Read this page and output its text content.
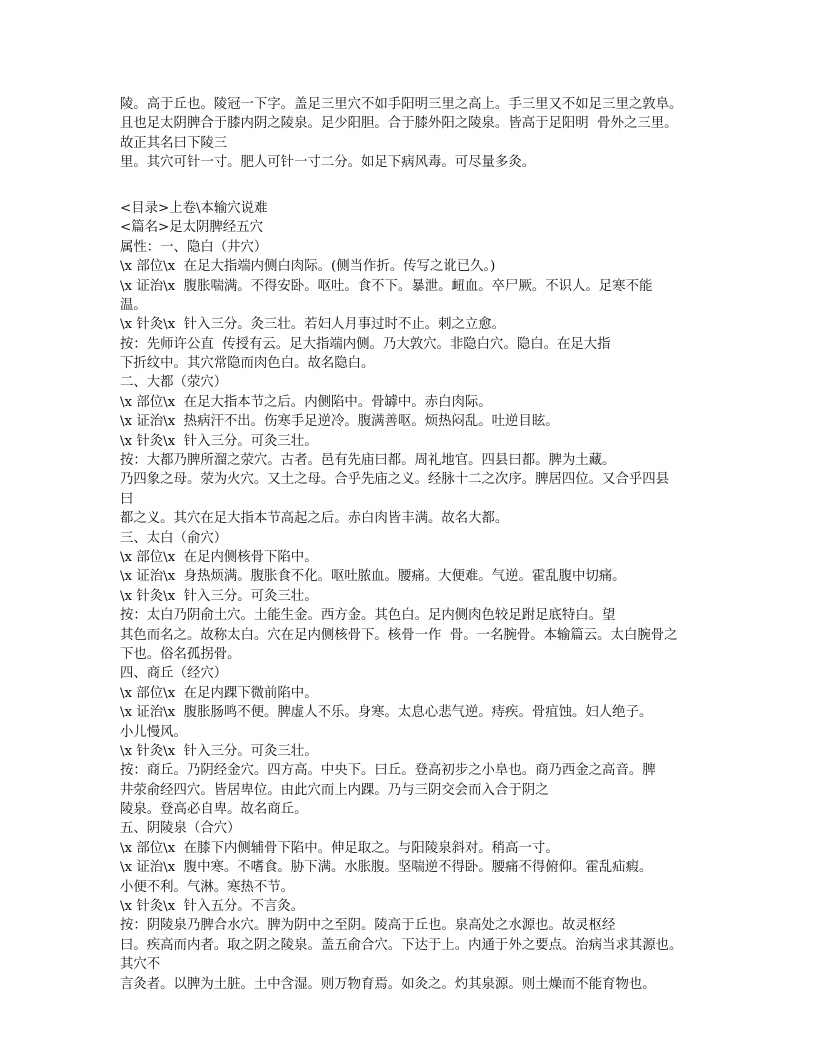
陵。高于丘也。陵冠一下字。盖足三里穴不如手阳明三里之高上。手三里又不如足三里之敦阜。
且也足太阴脾合于膝内阴之陵泉。足少阳胆。合于膝外阳之陵泉。皆高于足阳明  骨外之三里。
故正其名曰下陵三
里。其穴可针一寸。肥人可针一寸二分。如足下病风毒。可尽量多灸。
<目录>上卷\本输穴说难
<篇名>足太阴脾经五穴
属性：一、隐白（井穴）
\x 部位\x  在足大指端内侧白肉际。(侧当作折。传写之讹已久。)
\x 证治\x  腹胀喘满。不得安卧。呕吐。食不下。暴泄。衄血。卒尸厥。不识人。足寒不能
温。
\x 针灸\x  针入三分。灸三壮。若妇人月事过时不止。刺之立愈。
按：先师许公直  传授有云。足大指端内侧。乃大敦穴。非隐白穴。隐白。在足大指
下折纹中。其穴常隐而肉色白。故名隐白。
二、大都（荥穴）
\x 部位\x  在足大指本节之后。内侧陷中。骨罅中。赤白肉际。
\x 证治\x  热病汗不出。伤寒手足逆冷。腹满善呕。烦热闷乱。吐逆目眩。
\x 针灸\x  针入三分。可灸三壮。
按：大都乃脾所溜之荥穴。古者。邑有先庙曰都。周礼地官。四县曰都。脾为土藏。
乃四象之母。荥为火穴。又土之母。合乎先庙之义。经脉十二之次序。脾居四位。又合乎四县
曰
都之义。其穴在足大指本节高起之后。赤白肉皆丰满。故名大都。
三、太白（俞穴）
\x 部位\x  在足内侧核骨下陷中。
\x 证治\x  身热烦满。腹胀食不化。呕吐脓血。腰痛。大便难。气逆。霍乱腹中切痛。
\x 针灸\x  针入三分。可灸三壮。
按：太白乃阴俞土穴。土能生金。西方金。其色白。足内侧肉色较足跗足底特白。望
其色而名之。故称太白。穴在足内侧核骨下。核骨一作  骨。一名腕骨。本输篇云。太白腕骨之
下也。俗名孤拐骨。
四、商丘（经穴）
\x 部位\x  在足内踝下微前陷中。
\x 证治\x  腹胀肠鸣不便。脾虚人不乐。身寒。太息心悲气逆。痔疾。骨疽蚀。妇人绝子。
小儿慢风。
\x 针灸\x  针入三分。可灸三壮。
按：商丘。乃阴经金穴。四方高。中央下。曰丘。登高初步之小阜也。商乃西金之高音。脾
井荥俞经四穴。皆居卑位。由此穴而上内踝。乃与三阴交会而入合于阴之
陵泉。登高必自卑。故名商丘。
五、阴陵泉（合穴）
\x 部位\x  在膝下内侧辅骨下陷中。伸足取之。与阳陵泉斜对。稍高一寸。
\x 证治\x  腹中寒。不嗜食。胁下满。水胀腹。坚喘逆不得卧。腰痛不得俯仰。霍乱疝瘕。
小便不利。气淋。寒热不节。
\x 针灸\x  针入五分。不言灸。
按：阴陵泉乃脾合水穴。脾为阴中之至阴。陵高于丘也。泉高处之水源也。故灵枢经
曰。疾高而内者。取之阴之陵泉。盖五俞合穴。下达于上。内通于外之要点。治病当求其源也。
其穴不
言灸者。以脾为土脏。土中含湿。则万物育焉。如灸之。灼其泉源。则土燥而不能育物也。
